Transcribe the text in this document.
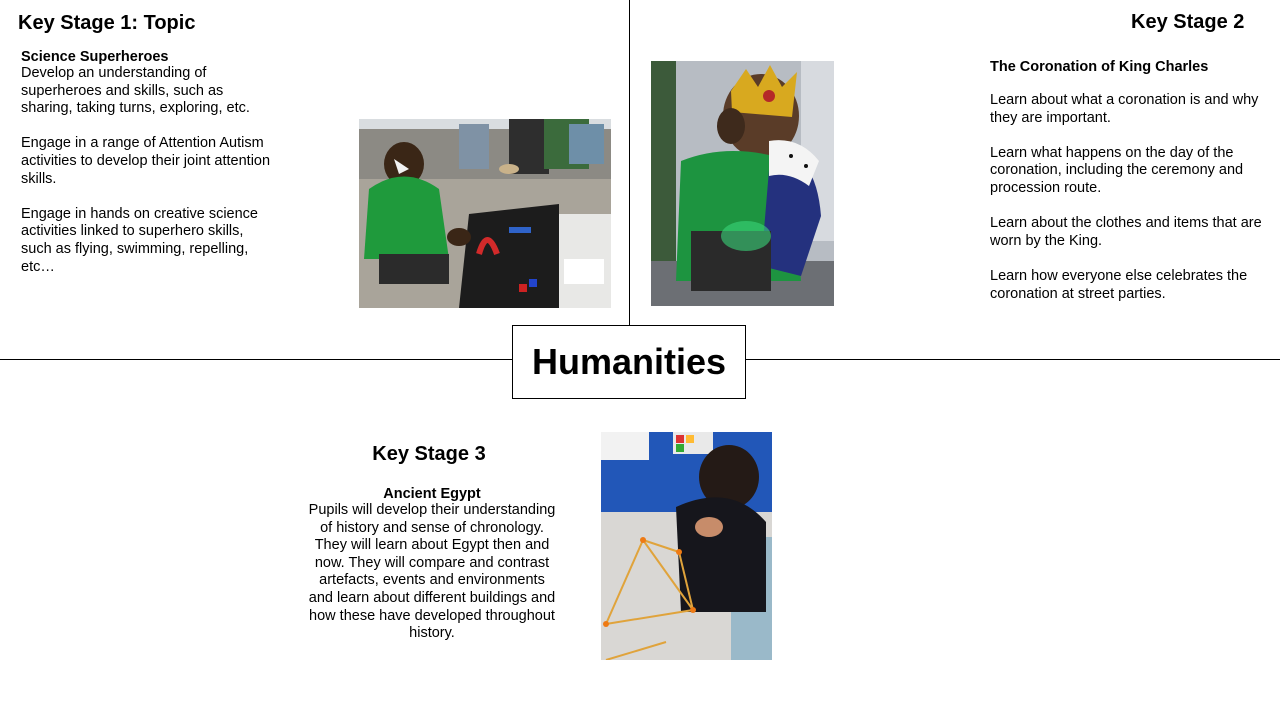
Humanities
Key Stage 1: Topic
Science Superheroes

Develop an understanding of superheroes and skills, such as sharing, taking turns, exploring, etc.

Engage in a range of Attention Autism activities to develop their joint attention skills.

Engage in hands on creative science activities linked to superhero skills, such as flying, swimming, repelling, etc…

Key Stage 2
The Coronation of King Charles

Learn about what a coronation is and why they are important.

Learn what happens on the day of the coronation, including the ceremony and procession route.

Learn about the clothes and items that are worn by the King.

Learn how everyone else celebrates the coronation at street parties.

Key Stage 3
Ancient Egypt
Pupils will develop their understanding of history and sense of chronology. They will learn about Egypt then and now. They will compare and contrast artefacts, events and environments and learn about different buildings and how these have developed throughout history.
